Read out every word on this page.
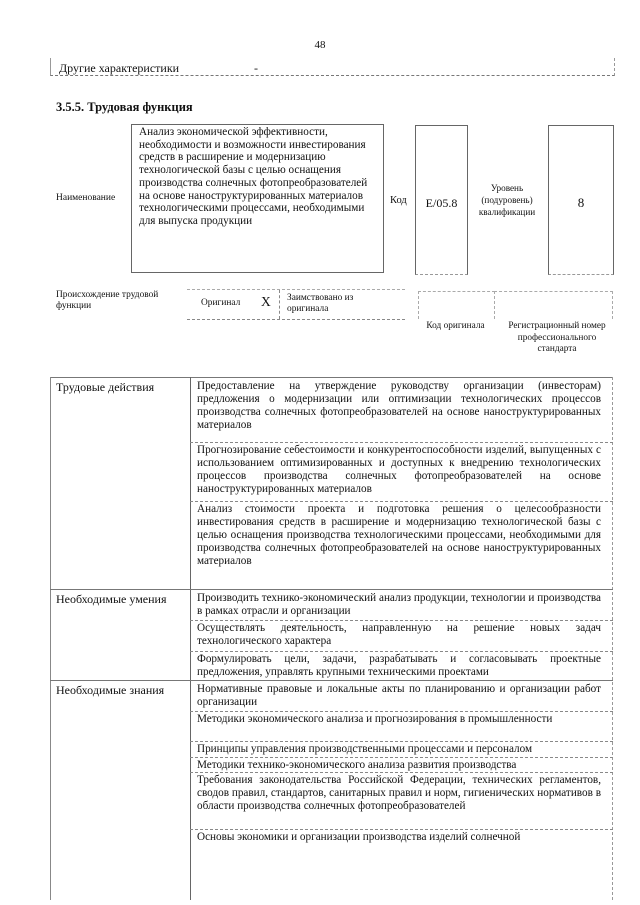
48
Другие характеристики	-
3.5.5. Трудовая функция
Наименование
Анализ экономической эффективности, необходимости и возможности инвестирования средств в расширение и модернизацию технологической базы с целью оснащения производства солнечных фотопреобразователей на основе наноструктурированных материалов технологическими процессами, необходимыми для выпуска продукции
Код	Е/05.8
Уровень
(подуровень)
квалификации
8
Происхождение трудовой функции	Оригинал X Заимствовано из оригинала
Код оригинала	Регистрационный номер профессионального стандарта
Трудовые действия	Предоставление на утверждение руководству организации (инвесторам) предложения о модернизации или оптимизации технологических процессов производства солнечных фотопреобразователей на основе наноструктурированных материалов
Прогнозирование себестоимости и конкурентоспособности изделий, выпущенных с использованием оптимизированных и доступных к внедрению технологических процессов производства солнечных фотопреобразователей на основе наноструктурированных материалов
Анализ стоимости проекта и подготовка решения о целесообразности инвестирования средств в расширение и модернизацию технологической базы с целью оснащения производства технологическими процессами, необходимыми для производства солнечных фотопреобразователей на основе наноструктурированных материалов
Необходимые умения	Производить технико-экономический анализ продукции, технологии и производства в рамках отрасли и организации
Осуществлять деятельность, направленную на решение новых задач технологического характера
Формулировать цели, задачи, разрабатывать и согласовывать проектные предложения, управлять крупными техническими проектами
Необходимые знания	Нормативные правовые и локальные акты по планированию и организации работ организации
Методики экономического анализа и прогнозирования в промышленности
Принципы управления производственными процессами и персоналом
Методики технико-экономического анализа развития производства
Требования законодательства Российской Федерации, технических регламентов, сводов правил, стандартов, санитарных правил и норм, гигиенических нормативов в области производства солнечных фотопреобразователей
Основы экономики и организации производства изделий солнечной
